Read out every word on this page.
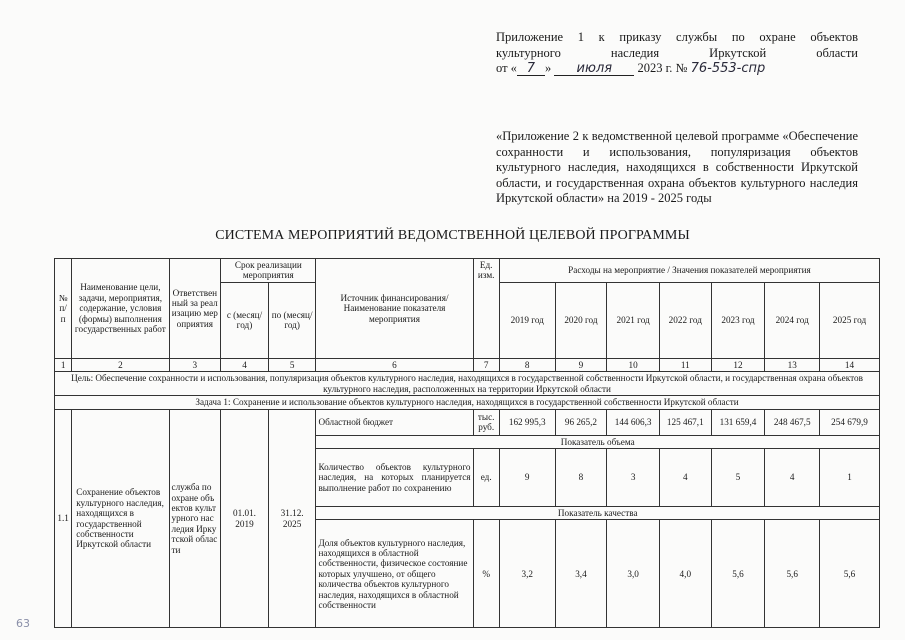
Приложение 1 к приказу службы по охране объектов

культурного наследия Иркутской области

от « 7 » июля 2023 г. № 76-553-спр

«Приложение 2 к ведомственной целевой программе «Обеспечение сохранности и использования, популяризация объектов культурного наследия, находящихся в собственности Иркутской области, и государственная охрана объектов культурного наследия Иркутской области» на 2019 - 2025 годы

СИСТЕМА МЕРОПРИЯТИЙ ВЕДОМСТВЕННОЙ ЦЕЛЕВОЙ ПРОГРАММЫ
№ п/п	Наименование цели, задачи, мероприятия, содержание, условия (формы) выполнения государственных работ	Ответственный за реализацию мероприятия	Срок реализации мероприятия		Источник финансирования/ Наименование показателя мероприятия	Ед. изм.	Расходы на мероприятие / Значения показателей мероприятия						
			с (месяц/ год)	по (месяц/ год)			2019 год	2020 год	2021 год	2022 год	2023 год	2024 год	2025 год
1	2	3	4	5	6	7	8	9	10	11	12	13	14
Цель: Обеспечение сохранности и использования, популяризация объектов культурного наследия, находящихся в государственной собственности Иркутской области, и государственная охрана объектов культурного наследия, расположенных на территории Иркутской области													
Задача 1: Сохранение и использование объектов культурного наследия, находящихся в государственной собственности Иркутской области													
1.1	Сохранение объектов культурного наследия, находящихся в государственной собственности Иркутской области	служба по охране объектов культурного наследия Иркутской области	01.01. 2019	31.12. 2025	Областной бюджет	тыс. руб.	162 995,3	96 265,2	144 606,3	125 467,1	131 659,4	248 467,5	254 679,9
					Показатель объема								
					Количество объектов культурного наследия, на которых планируется выполнение работ по сохранению	ед.	9	8	3	4	5	4	1
					Показатель качества								
					Доля объектов культурного наследия, находящихся в областной собственности, физическое состояние которых улучшено, от общего количества объектов культурного наследия, находящихся в областной собственности	%	3,2	3,4	3,0	4,0	5,6	5,6	5,6
63
